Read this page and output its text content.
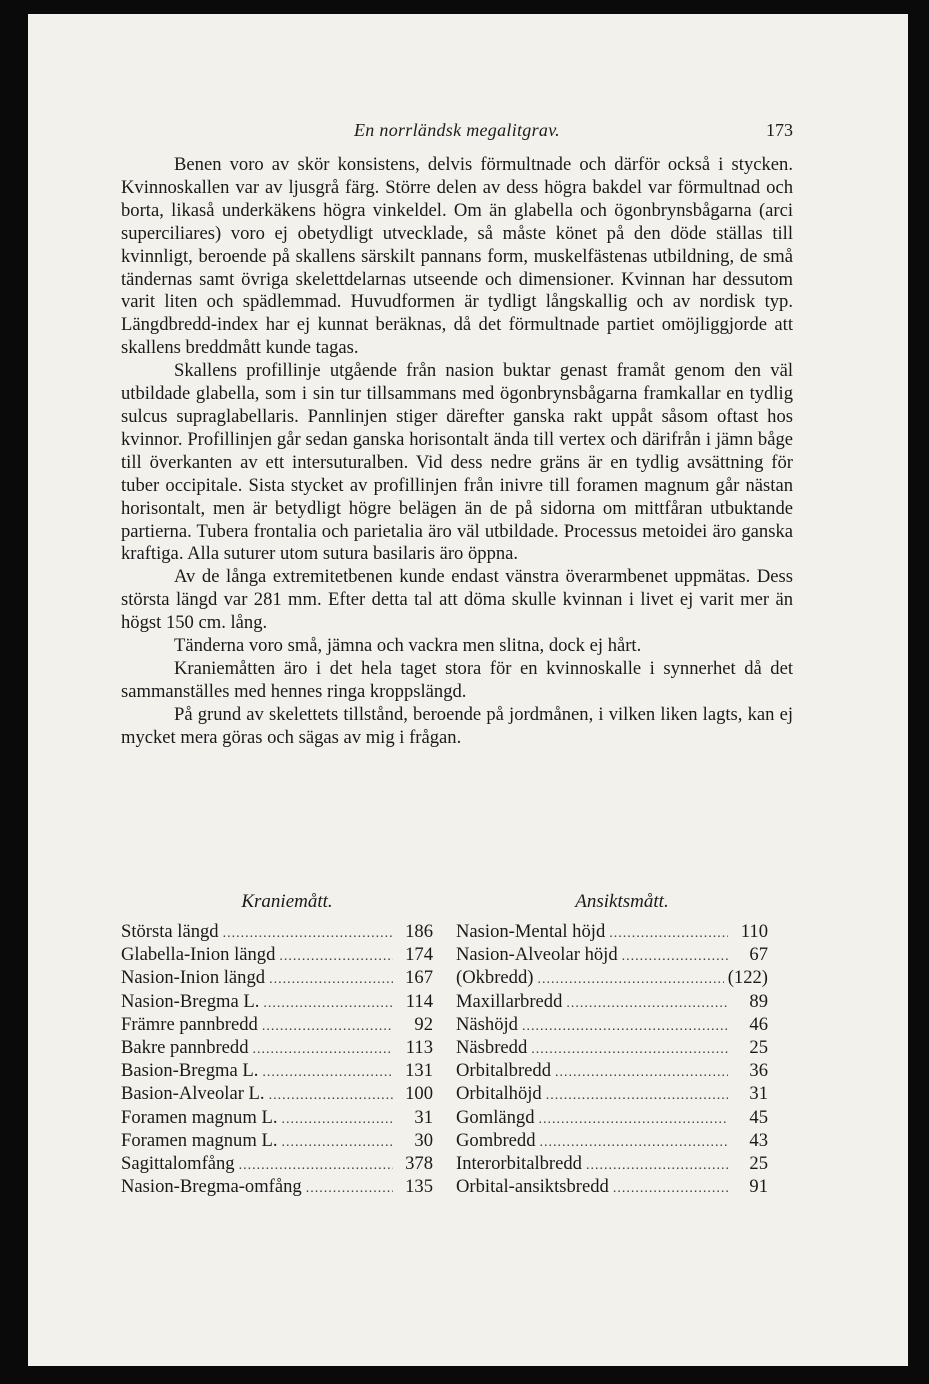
En norrländsk megalitgrav.	173

Benen voro av skör konsistens, delvis förmultnade och därför också i stycken. Kvinnoskallen var av ljusgrå färg. Större delen av dess högra bakdel var förmultnad och borta, likaså underkäkens högra vinkeldel. Om än glabella och ögonbrynsbågarna (arci superciliares) voro ej obetydligt utvecklade, så måste könet på den döde ställas till kvinnligt, beroende på skallens särskilt pannans form, muskelfästenas utbildning, de små tändernas samt övriga skelettdelarnas utseende och dimensioner. Kvinnan har dessutom varit liten och spädlemmad. Huvudformen är tydligt långskallig och av nordisk typ. Längdbredd-index har ej kunnat beräknas, då det förmultnade partiet omöjliggjorde att skallens breddmått kunde tagas.

Skallens profillinje utgående från nasion buktar genast framåt genom den väl utbildade glabella, som i sin tur tillsammans med ögonbrynsbågarna framkallar en tydlig sulcus supraglabellaris. Pannlinjen stiger därefter ganska rakt uppåt såsom oftast hos kvinnor. Profillinjen går sedan ganska horisontalt ända till vertex och därifrån i jämn båge till överkanten av ett intersuturalben. Vid dess nedre gräns är en tydlig avsättning för tuber occipitale. Sista stycket av profillinjen från inivre till foramen magnum går nästan horisontalt, men är betydligt högre belägen än de på sidorna om mittfåran utbuktande partierna. Tubera frontalia och parietalia äro väl utbildade. Processus metoidei äro ganska kraftiga. Alla suturer utom sutura basilaris äro öppna.

Av de långa extremitetbenen kunde endast vänstra överarmbenet uppmätas. Dess största längd var 281 mm. Efter detta tal att döma skulle kvinnan i livet ej varit mer än högst 150 cm. lång.

Tänderna voro små, jämna och vackra men slitna, dock ej hårt.

Kraniemåtten äro i det hela taget stora för en kvinnoskalle i synnerhet då det sammanställes med hennes ringa kroppslängd.

På grund av skelettets tillstånd, beroende på jordmånen, i vilken liken lagts, kan ej mycket mera göras och sägas av mig i frågan.

Kraniemått.
Största längd .....	186
Glabella-Inion längd .....	174
Nasion-Inion längd .....	167
Nasion-Bregma L. .....	114
Främre pannbredd .....	92
Bakre pannbredd .....	113
Basion-Bregma L. .....	131
Basion-Alveolar L. .....	100
Foramen magnum L. .....	31
Foramen magnum L. .....	30
Sagittalomfång .....	378
Nasion-Bregma-omfång .....	135
Ansiktsmått.
Nasion-Mental höjd .....	110
Nasion-Alveolar höjd .....	67
(Okbredd) .....	(122)
Maxillarbredd .....	89
Näshöjd .....	46
Näsbredd .....	25
Orbitalbredd .....	36
Orbitalhöjd .....	31
Gomlängd .....	45
Gombredd .....	43
Interorbitalbredd .....	25
Orbital-ansiktsbredd .....	91
